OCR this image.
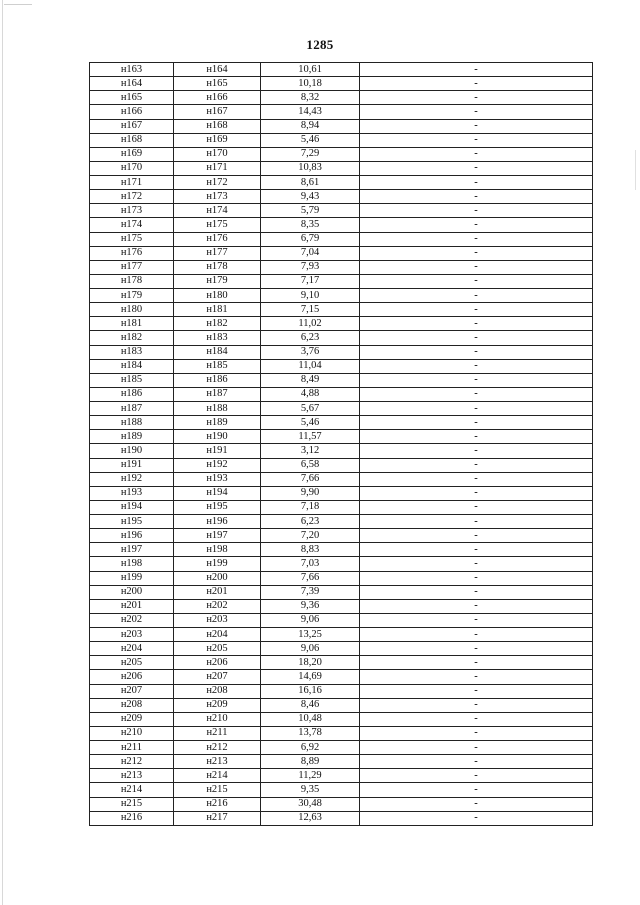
1285
н163	н164	10,61	-
н164	н165	10,18	-
н165	н166	8,32	-
н166	н167	14,43	-
н167	н168	8,94	-
н168	н169	5,46	-
н169	н170	7,29	-
н170	н171	10,83	-
н171	н172	8,61	-
н172	н173	9,43	-
н173	н174	5,79	-
н174	н175	8,35	-
н175	н176	6,79	-
н176	н177	7,04	-
н177	н178	7,93	-
н178	н179	7,17	-
н179	н180	9,10	-
н180	н181	7,15	-
н181	н182	11,02	-
н182	н183	6,23	-
н183	н184	3,76	-
н184	н185	11,04	-
н185	н186	8,49	-
н186	н187	4,88	-
н187	н188	5,67	-
н188	н189	5,46	-
н189	н190	11,57	-
н190	н191	3,12	-
н191	н192	6,58	-
н192	н193	7,66	-
н193	н194	9,90	-
н194	н195	7,18	-
н195	н196	6,23	-
н196	н197	7,20	-
н197	н198	8,83	-
н198	н199	7,03	-
н199	н200	7,66	-
н200	н201	7,39	-
н201	н202	9,36	-
н202	н203	9,06	-
н203	н204	13,25	-
н204	н205	9,06	-
н205	н206	18,20	-
н206	н207	14,69	-
н207	н208	16,16	-
н208	н209	8,46	-
н209	н210	10,48	-
н210	н211	13,78	-
н211	н212	6,92	-
н212	н213	8,89	-
н213	н214	11,29	-
н214	н215	9,35	-
н215	н216	30,48	-
н216	н217	12,63	-
